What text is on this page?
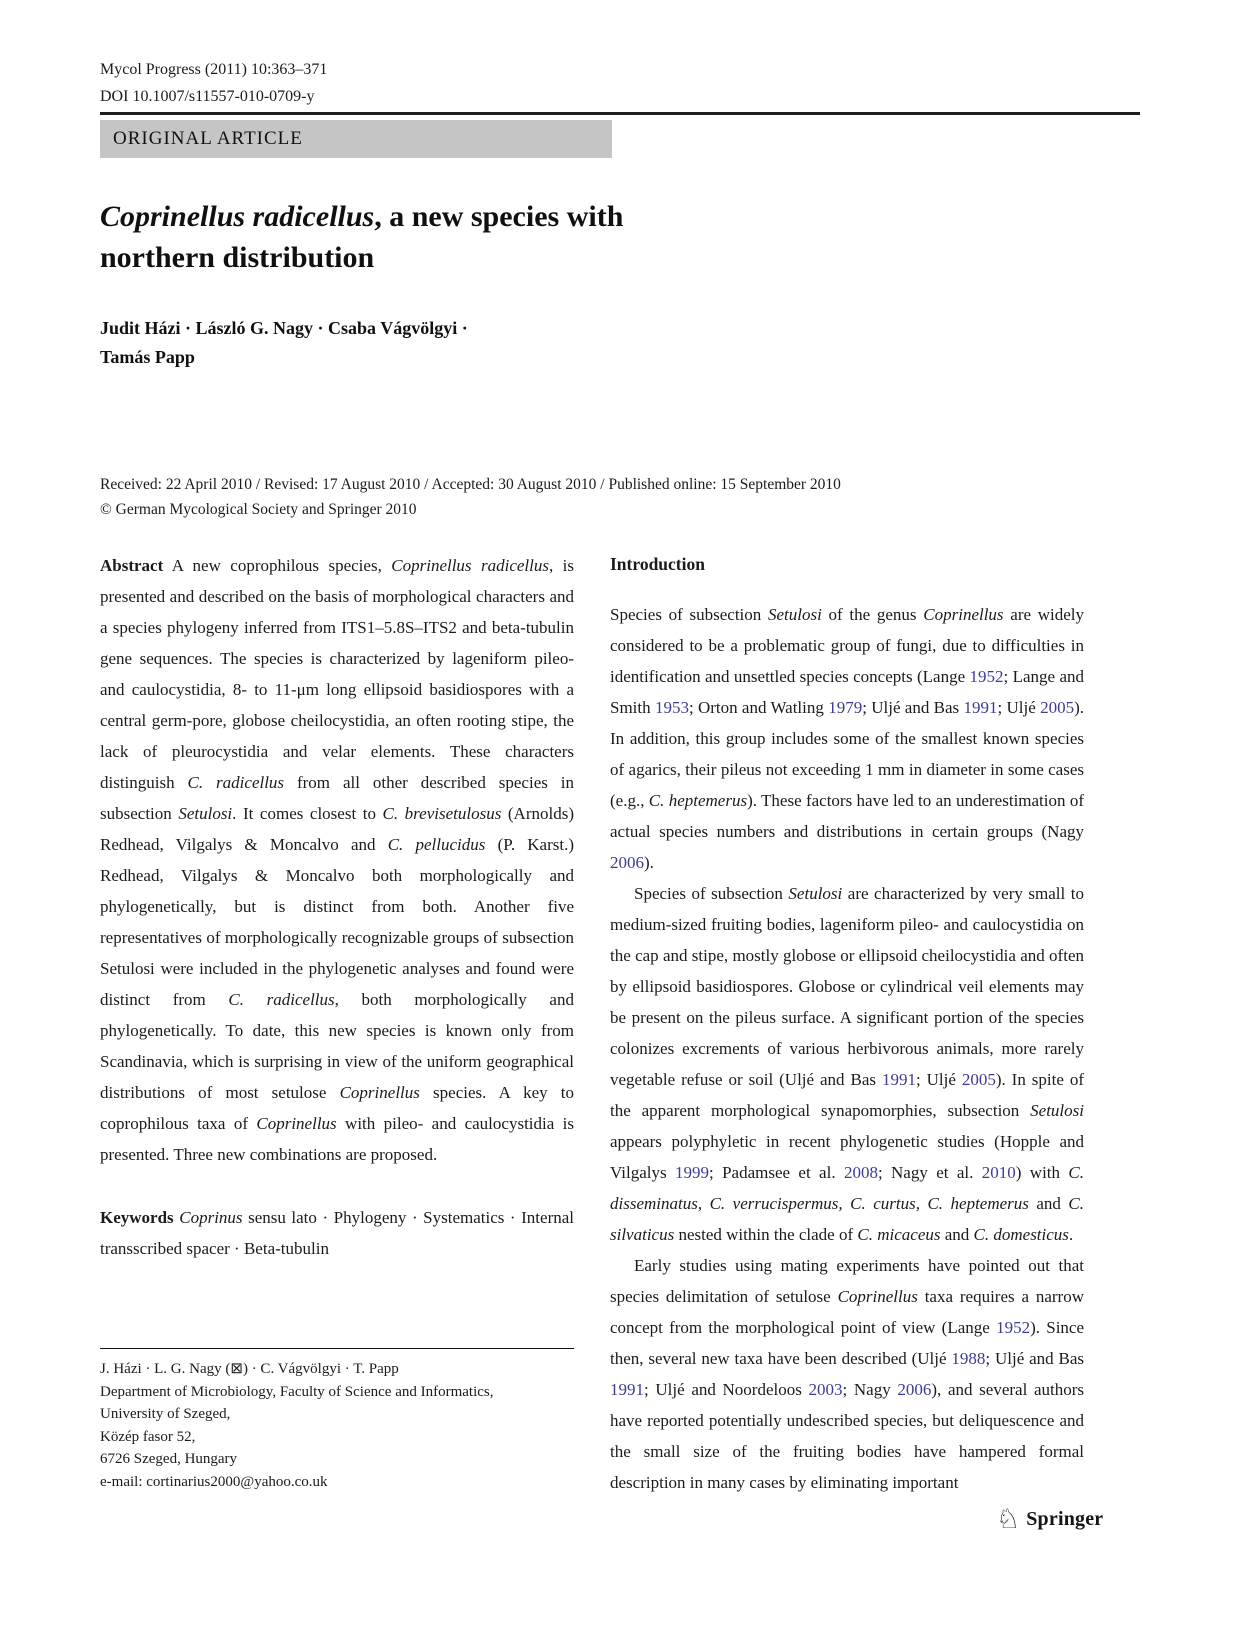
Mycol Progress (2011) 10:363–371
DOI 10.1007/s11557-010-0709-y
ORIGINAL ARTICLE
Coprinellus radicellus, a new species with northern distribution
Judit Házi · László G. Nagy · Csaba Vágvölgyi ·
Tamás Papp
Received: 22 April 2010 / Revised: 17 August 2010 / Accepted: 30 August 2010 / Published online: 15 September 2010
© German Mycological Society and Springer 2010
Abstract A new coprophilous species, Coprinellus radicellus, is presented and described on the basis of morphological characters and a species phylogeny inferred from ITS1–5.8S–ITS2 and beta-tubulin gene sequences. The species is characterized by lageniform pileo- and caulocystidia, 8- to 11-μm long ellipsoid basidiospores with a central germ-pore, globose cheilocystidia, an often rooting stipe, the lack of pleurocystidia and velar elements. These characters distinguish C. radicellus from all other described species in subsection Setulosi. It comes closest to C. brevisetulosus (Arnolds) Redhead, Vilgalys & Moncalvo and C. pellucidus (P. Karst.) Redhead, Vilgalys & Moncalvo both morphologically and phylogenetically, but is distinct from both. Another five representatives of morphologically recognizable groups of subsection Setulosi were included in the phylogenetic analyses and found were distinct from C. radicellus, both morphologically and phylogenetically. To date, this new species is known only from Scandinavia, which is surprising in view of the uniform geographical distributions of most setulose Coprinellus species. A key to coprophilous taxa of Coprinellus with pileo- and caulocystidia is presented. Three new combinations are proposed.
Keywords Coprinus sensu lato · Phylogeny · Systematics · Internal transscribed spacer · Beta-tubulin
Introduction
Species of subsection Setulosi of the genus Coprinellus are widely considered to be a problematic group of fungi, due to difficulties in identification and unsettled species concepts (Lange 1952; Lange and Smith 1953; Orton and Watling 1979; Uljé and Bas 1991; Uljé 2005). In addition, this group includes some of the smallest known species of agarics, their pileus not exceeding 1 mm in diameter in some cases (e.g., C. heptemerus). These factors have led to an underestimation of actual species numbers and distributions in certain groups (Nagy 2006).
Species of subsection Setulosi are characterized by very small to medium-sized fruiting bodies, lageniform pileo- and caulocystidia on the cap and stipe, mostly globose or ellipsoid cheilocystidia and often by ellipsoid basidiospores. Globose or cylindrical veil elements may be present on the pileus surface. A significant portion of the species colonizes excrements of various herbivorous animals, more rarely vegetable refuse or soil (Uljé and Bas 1991; Uljé 2005). In spite of the apparent morphological synapomorphies, subsection Setulosi appears polyphyletic in recent phylogenetic studies (Hopple and Vilgalys 1999; Padamsee et al. 2008; Nagy et al. 2010) with C. disseminatus, C. verrucispermus, C. curtus, C. heptemerus and C. silvaticus nested within the clade of C. micaceus and C. domesticus.
Early studies using mating experiments have pointed out that species delimitation of setulose Coprinellus taxa requires a narrow concept from the morphological point of view (Lange 1952). Since then, several new taxa have been described (Uljé 1988; Uljé and Bas 1991; Uljé and Noordeloos 2003; Nagy 2006), and several authors have reported potentially undescribed species, but deliquescence and the small size of the fruiting bodies have hampered formal description in many cases by eliminating important
J. Házi · L. G. Nagy (⊠) · C. Vágvölgyi · T. Papp
Department of Microbiology, Faculty of Science and Informatics,
University of Szeged,
Közép fasor 52,
6726 Szeged, Hungary
e-mail: cortinarius2000@yahoo.co.uk
♘ Springer
